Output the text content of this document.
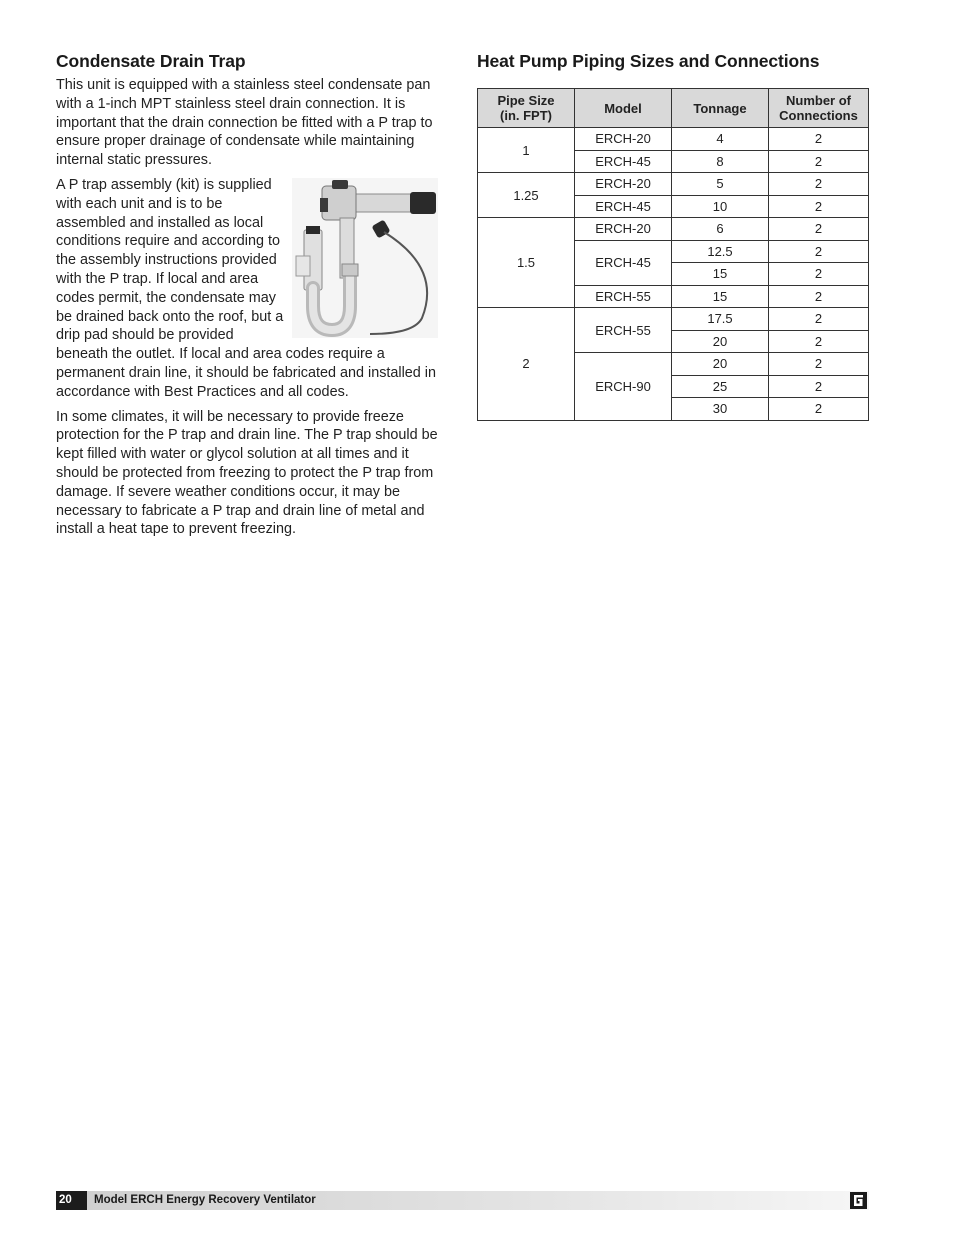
Condensate Drain Trap

This unit is equipped with a stainless steel condensate pan with a 1-inch MPT stainless steel drain connection. It is important that the drain connection be fitted with a P trap to ensure proper drainage of condensate while maintaining internal static pressures.

A P trap assembly (kit) is supplied with each unit and is to be assembled and installed as local conditions require and according to the assembly instructions provided with the P trap. If local and area codes permit, the condensate may be drained back onto the roof, but a drip pad should be provided beneath the outlet. If local and area codes require a permanent drain line, it should be fabricated and installed in accordance with Best Practices and all codes.

In some climates, it will be necessary to provide freeze protection for the P trap and drain line. The P trap should be kept filled with water or glycol solution at all times and it should be protected from freezing to protect the P trap from damage. If severe weather conditions occur, it may be necessary to fabricate a P trap and drain line of metal and install a heat tape to prevent freezing.

Heat Pump Piping Sizes and Connections
Pipe Size
(in. FPT)	Model	Tonnage	Number of
Connections
1	ERCH-20	4	2
	ERCH-45	8	2
1.25	ERCH-20	5	2
	ERCH-45	10	2
1.5	ERCH-20	6	2
	ERCH-45	12.5	2
		15	2
	ERCH-55	15	2
2	ERCH-55	17.5	2
		20	2
	ERCH-90	20	2
		25	2
		30	2
20	Model ERCH Energy Recovery Ventilator
